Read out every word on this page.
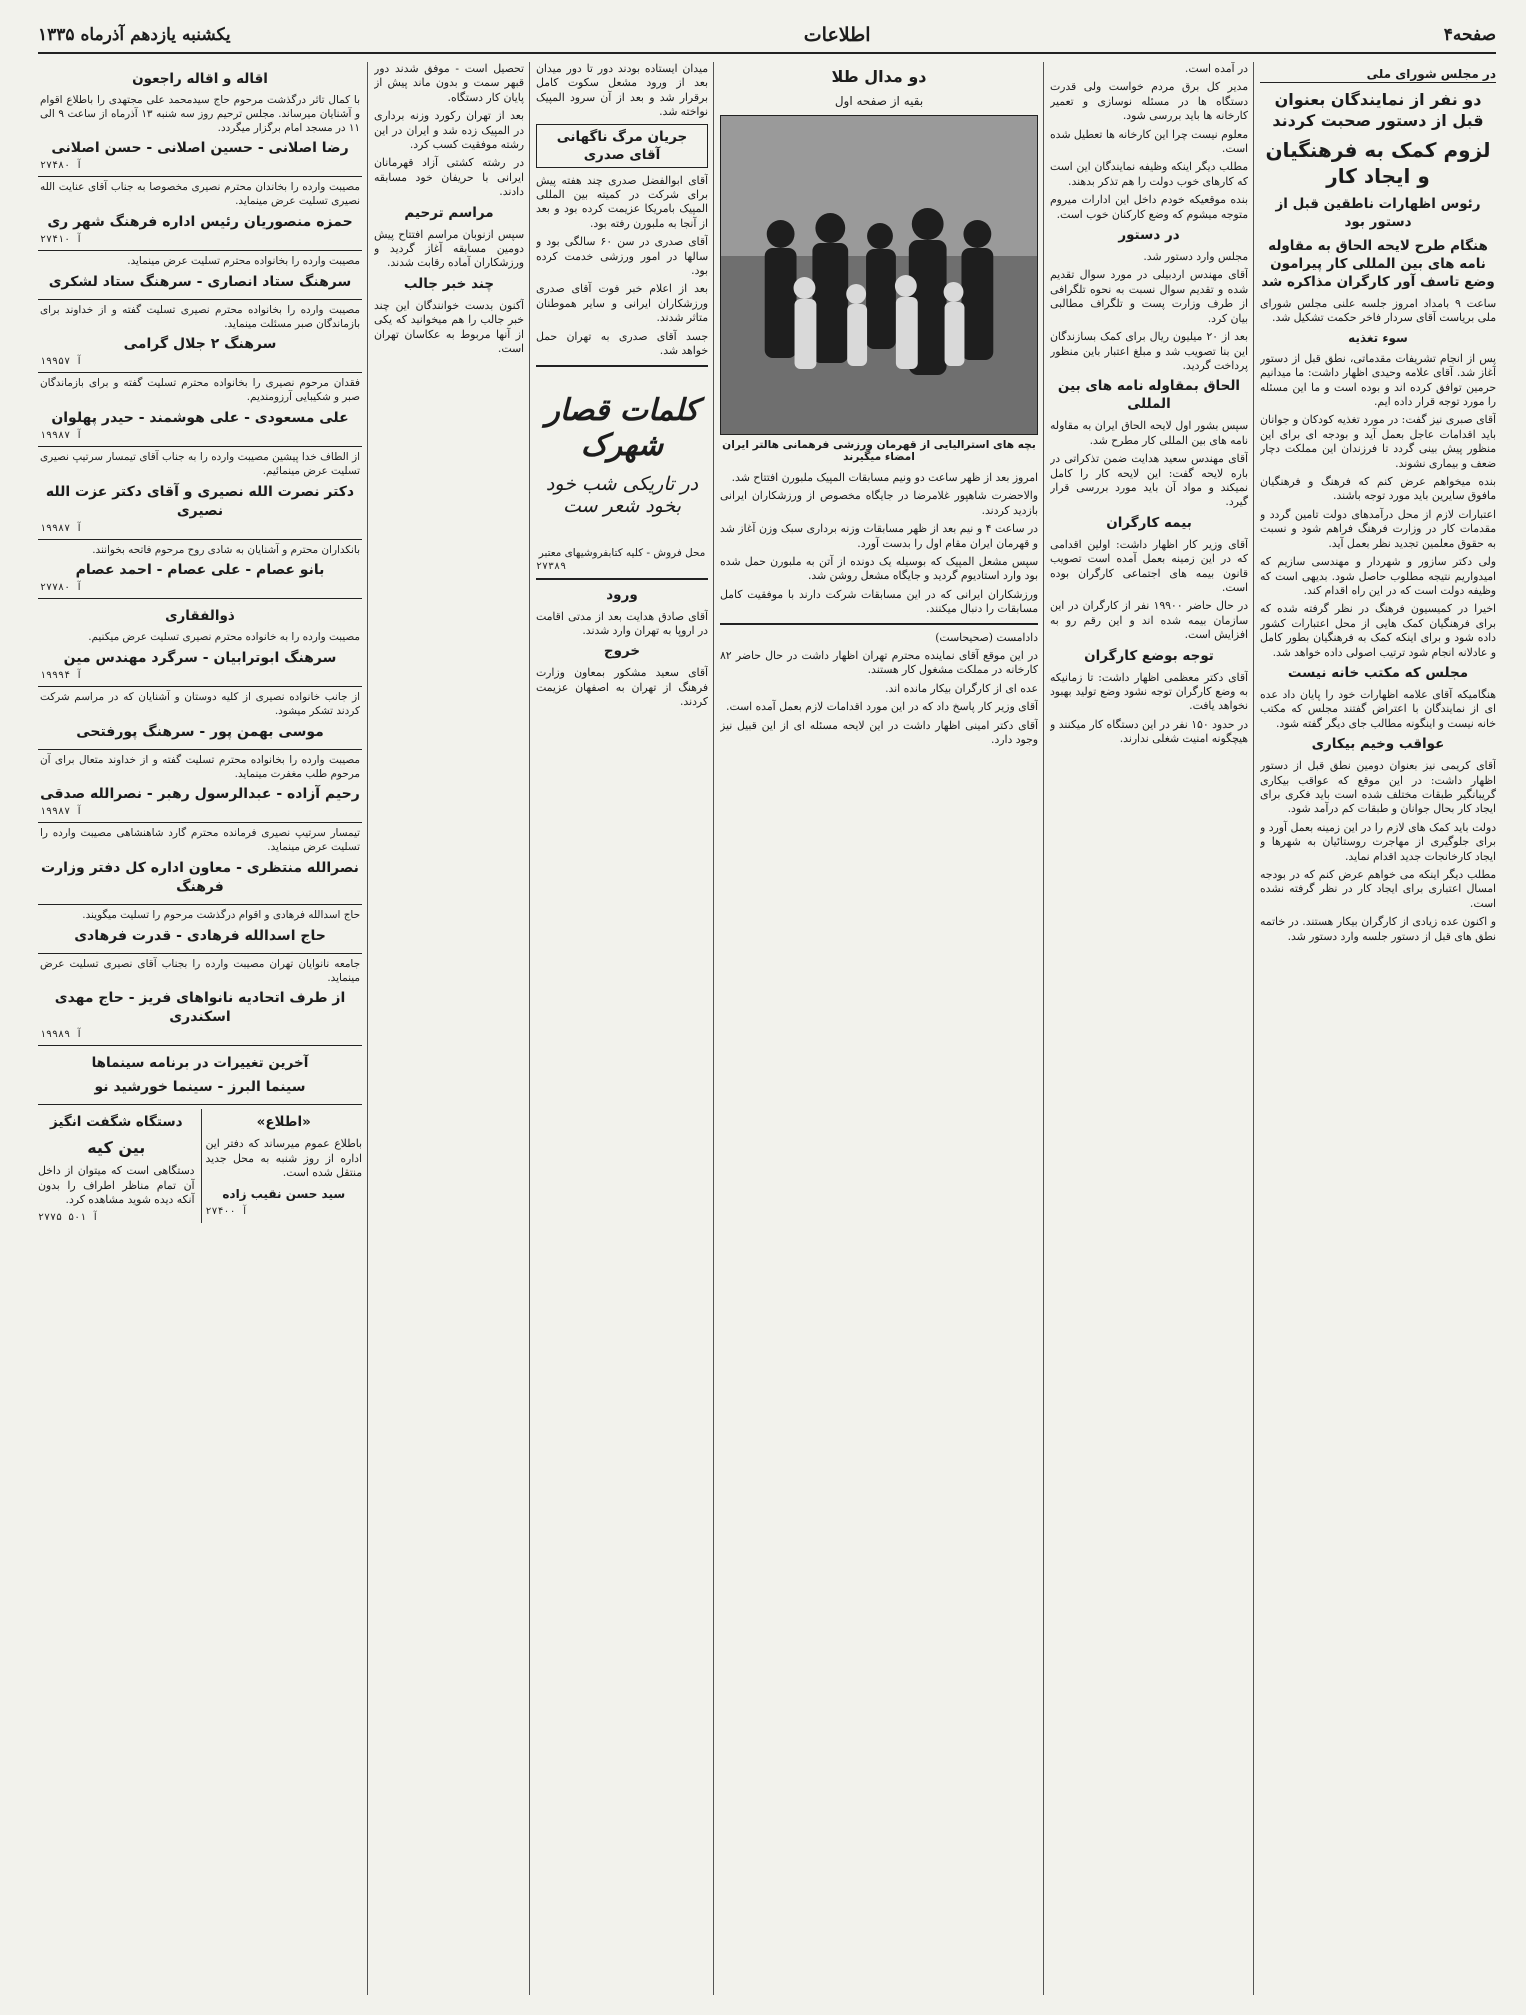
صفحه۴
اطلاعات
یکشنبه یازدهم آذرماه ۱۳۳۵
در مجلس شورای ملی
دو نفر از نمایندگان بعنوان قبل از دستور صحبت کردند
لزوم کمک به فرهنگیان و ایجاد کار
رئوس اظهارات ناطقین قبل از دستور بود
هنگام طرح لایحه الحاق به مقاوله نامه های بین المللی کار پیرامون وضع تاسف آور کارگران مذاکره شد

ساعت ۹ بامداد امروز جلسه علنی مجلس شورای ملی بریاست آقای سردار فاخر حکمت تشکیل شد.

سوء تغذیه

پس از انجام تشریفات مقدماتی، نطق قبل از دستور آغاز شد. آقای علامه وحیدی اظهار داشت: ما میدانیم حرمین توافق کرده اند و بوده است و ما این مسئله را مورد توجه قرار داده ایم.

آقای صبری نیز گفت: در مورد تغذیه کودکان و جوانان باید اقدامات عاجل بعمل آید و بودجه ای برای این منظور پیش بینی گردد تا فرزندان این مملکت دچار ضعف و بیماری نشوند.

بنده میخواهم عرض کنم که فرهنگ و فرهنگیان مافوق سایرین باید مورد توجه باشند.

اعتبارات لازم از محل درآمدهای دولت تامین گردد و مقدمات کار در وزارت فرهنگ فراهم شود و نسبت به حقوق معلمین تجدید نظر بعمل آید.

ولی دکتر سازور و شهردار و مهندسی سازیم که امیدواریم نتیجه مطلوب حاصل شود. بدیهی است که وظیفه دولت است که در این راه اقدام کند.

اخیرا در کمیسیون فرهنگ در نظر گرفته شده که برای فرهنگیان کمک هایی از محل اعتبارات کشور داده شود و برای اینکه کمک به فرهنگیان بطور کامل و عادلانه انجام شود ترتیب اصولی داده خواهد شد.

مجلس که مکتب خانه نیست

هنگامیکه آقای علامه اظهارات خود را پایان داد عده ای از نمایندگان با اعتراض گفتند مجلس که مکتب خانه نیست و اینگونه مطالب جای دیگر گفته شود.

عواقب وخیم بیکاری

آقای کریمی نیز بعنوان دومین نطق قبل از دستور اظهار داشت: در این موقع که عواقب بیکاری گریبانگیر طبقات مختلف شده است باید فکری برای ایجاد کار بحال جوانان و طبقات کم درآمد شود.

دولت باید کمک های لازم را در این زمینه بعمل آورد و برای جلوگیری از مهاجرت روستائیان به شهرها و ایجاد کارخانجات جدید اقدام نماید.

مطلب دیگر اینکه می خواهم عرض کنم که در بودجه امسال اعتباری برای ایجاد کار در نظر گرفته نشده است.

و اکنون عده زیادی از کارگران بیکار هستند. در خاتمه نطق های قبل از دستور جلسه وارد دستور شد.

در آمده است.

مدیر کل برق مردم خواست ولی قدرت دستگاه ها در مسئله نوسازی و تعمیر کارخانه ها باید بررسی شود.

معلوم نیست چرا این کارخانه ها تعطیل شده است.

مطلب دیگر اینکه وظیفه نمایندگان این است که کارهای خوب دولت را هم تذکر بدهند.

بنده موقعیکه خودم داخل این ادارات میروم متوجه میشوم که وضع کارکنان خوب است.

در دستور

مجلس وارد دستور شد.

آقای مهندس اردبیلی در مورد سوال تقدیم شده و تقدیم سوال نسبت به نحوه تلگرافی از طرف وزارت پست و تلگراف مطالبی بیان کرد.

بعد از ۲۰ میلیون ریال برای کمک بسازندگان این بنا تصویب شد و مبلغ اعتبار باین منظور پرداخت گردید.

الحاق بمقاوله نامه های بین المللی

سپس بشور اول لایحه الحاق ایران به مقاوله نامه های بین المللی کار مطرح شد.

آقای مهندس سعید هدایت ضمن تذکراتی در باره لایحه گفت: این لایحه کار را کامل نمیکند و مواد آن باید مورد بررسی قرار گیرد.

بیمه کارگران

آقای وزیر کار اظهار داشت: اولین اقدامی که در این زمینه بعمل آمده است تصویب قانون بیمه های اجتماعی کارگران بوده است.

در حال حاضر ۱۹۹۰۰ نفر از کارگران در این سازمان بیمه شده اند و این رقم رو به افزایش است.

توجه بوضع کارگران

آقای دکتر معظمی اظهار داشت: تا زمانیکه به وضع کارگران توجه نشود وضع تولید بهبود نخواهد یافت.

در حدود ۱۵۰ نفر در این دستگاه کار میکنند و هیچگونه امنیت شغلی ندارند.

دو مدال طلا
بقیه از صفحه اول
بچه های استرالیایی از قهرمان ورزشی فرهمانی هالتر ایران امضاء میگیرند

امروز بعد از ظهر ساعت دو ونیم مسابقات المپیک ملبورن افتتاح شد.

والاحضرت شاهپور غلامرضا در جایگاه مخصوص از ورزشکاران ایرانی بازدید کردند.

در ساعت ۴ و نیم بعد از ظهر مسابقات وزنه برداری سبک وزن آغاز شد و قهرمان ایران مقام اول را بدست آورد.

سپس مشعل المپیک که بوسیله یک دونده از آتن به ملبورن حمل شده بود وارد استادیوم گردید و جایگاه مشعل روشن شد.

ورزشکاران ایرانی که در این مسابقات شرکت دارند با موفقیت کامل مسابقات را دنبال میکنند.

دادامست (صحیحاست)

در این موقع آقای نماینده محترم تهران اظهار داشت در حال حاضر ۸۲ کارخانه در مملکت مشغول کار هستند.

عده ای از کارگران بیکار مانده اند.

آقای وزیر کار پاسخ داد که در این مورد اقدامات لازم بعمل آمده است.

آقای دکتر امینی اظهار داشت در این لایحه مسئله ای از این قبیل نیز وجود دارد.

میدان ایستاده بودند دور تا دور میدان بعد از ورود مشعل سکوت کامل برقرار شد و بعد از آن سرود المپیک نواخته شد.

جریان مرگ ناگهانی آقای صدری

آقای ابوالفضل صدری چند هفته پیش برای شرکت در کمیته بین المللی المپیک بامریکا عزیمت کرده بود و بعد از آنجا به ملبورن رفته بود.

آقای صدری در سن ۶۰ سالگی بود و سالها در امور ورزشی خدمت کرده بود.

بعد از اعلام خبر فوت آقای صدری ورزشکاران ایرانی و سایر هموطنان متاثر شدند.

جسد آقای صدری به تهران حمل خواهد شد.

کلمات قصار شهرک
در تاریکی شب خود بخود شعر ست
محل فروش - کلیه کتابفروشیهای معتبر
۲۷۳۸۹
ورود

آقای صادق هدایت بعد از مدتی اقامت در اروپا به تهران وارد شدند.

خروج

آقای سعید مشکور بمعاون وزارت فرهنگ از تهران به اصفهان عزیمت کردند.

تحصیل است - موفق شدند دور قبهر سمت و بدون ماند پیش از پایان کار دستگاه.

بعد از تهران رکورد وزنه برداری در المپیک زده شد و ایران در این رشته موفقیت کسب کرد.

در رشته کشتی آزاد قهرمانان ایرانی با حریفان خود مسابقه دادند.

مراسم ترحیم

سپس ازنوبان مراسم افتتاح پیش دومین مسابقه آغاز گردید و ورزشکاران آماده رقابت شدند.

چند خبر جالب

آکنون بدست خوانندگان این چند خبر جالب را هم میخوانید که یکی از آنها مربوط به عکاسان تهران است.

اقاله و اقاله راجعون

با کمال تاثر درگذشت مرحوم حاج سیدمحمد علی مجتهدی را باطلاع اقوام و آشنایان میرساند. مجلس ترحیم روز سه شنبه ۱۳ آذرماه از ساعت ۹ الی ۱۱ در مسجد امام برگزار میگردد.

رضا اصلانی - حسین اصلانی - حسن اصلانی
آ ۲۷۴۸۰

مصیبت وارده را بخاندان محترم نصیری مخصوصا به جناب آقای عنایت الله نصیری تسلیت عرض مینماید.

حمزه منصوریان رئیس اداره فرهنگ شهر ری
آ ۲۷۴۱۰

مصیبت وارده را بخانواده محترم تسلیت عرض مینماید.

سرهنگ ستاد انصاری - سرهنگ ستاد لشکری

مصیبت وارده را بخانواده محترم نصیری تسلیت گفته و از خداوند برای بازماندگان صبر مسئلت مینماید.

سرهنگ ۲ جلال گرامی
آ ۱۹۹۵۷

فقدان مرحوم نصیری را بخانواده محترم تسلیت گفته و برای بازماندگان صبر و شکیبایی آرزومندیم.

علی مسعودی - علی هوشمند - حیدر پهلوان
آ ۱۹۹۸۷

از الطاف خدا پیشین مصیبت وارده را به جناب آقای تیمسار سرتیپ نصیری تسلیت عرض مینمائیم.

دکتر نصرت الله نصیری و آقای دکتر عزت الله نصیری
آ ۱۹۹۸۷

بانکداران محترم و آشنایان به شادی روح مرحوم فاتحه بخوانند.

بانو عصام - علی عصام - احمد عصام
آ ۲۷۷۸۰
ذوالفقاری

مصیبت وارده را به خانواده محترم نصیری تسلیت عرض میکنیم.

سرهنگ ابوترابیان - سرگرد مهندس مین
آ ۱۹۹۹۴

از جانب خانواده نصیری از کلیه دوستان و آشنایان که در مراسم شرکت کردند تشکر میشود.

موسی بهمن پور - سرهنگ پورفتحی

مصیبت وارده را بخانواده محترم تسلیت گفته و از خداوند متعال برای آن مرحوم طلب مغفرت مینماید.

رحیم آزاده - عبدالرسول رهبر - نصرالله صدقی
آ ۱۹۹۸۷

تیمسار سرتیپ نصیری فرمانده محترم گارد شاهنشاهی مصیبت وارده را تسلیت عرض مینماید.

نصرالله منتظری - معاون اداره کل دفتر وزارت فرهنگ

حاج اسدالله فرهادی و اقوام درگذشت مرحوم را تسلیت میگویند.

حاج اسدالله فرهادی - قدرت فرهادی

جامعه نانوایان تهران مصیبت وارده را بجناب آقای نصیری تسلیت عرض مینماید.

از طرف اتحادیه نانواهای فریز - حاج مهدی اسکندری
آ ۱۹۹۸۹
آخرین تغییرات در برنامه سینماها
سینما البرز - سینما خورشید نو
«اطلاع»

باطلاع عموم میرساند که دفتر این اداره از روز شنبه به محل جدید منتقل شده است.

سید حسن نقیب زاده
آ ۲۷۴۰۰
دستگاه شگفت انگیز
بین کیه

دستگاهی است که میتوان از داخل آن تمام مناظر اطراف را بدون آنکه دیده شوید مشاهده کرد.

آ ۵۰۱ ۲۷۷۵
